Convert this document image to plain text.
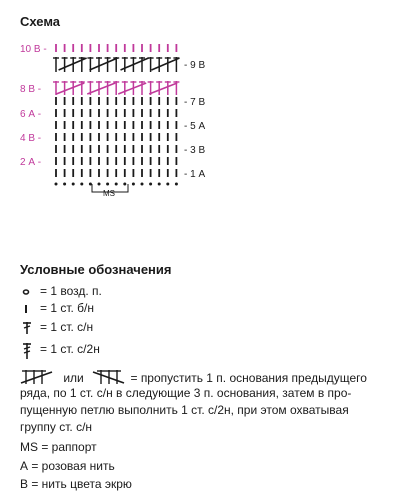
Схема
10 В -
8 В -
6 А -
4 В -
2 А -
- 9 В
- 7 В
- 5 А
- 3 В
- 1 А
MS
Условные обозначения
= 1 возд. п.
= 1 ст. б/н
= 1 ст. с/н
= 1 ст. с/2н
или	= пропустить 1 п. основания предыдущего
ряда, по 1 ст. с/н в следующие 3 п. основания, затем в про-
пущенную петлю выполнить 1 ст. с/2н, при этом охватывая
группу ст. с/н
MS = раппорт
А = розовая нить
В = нить цвета экрю
